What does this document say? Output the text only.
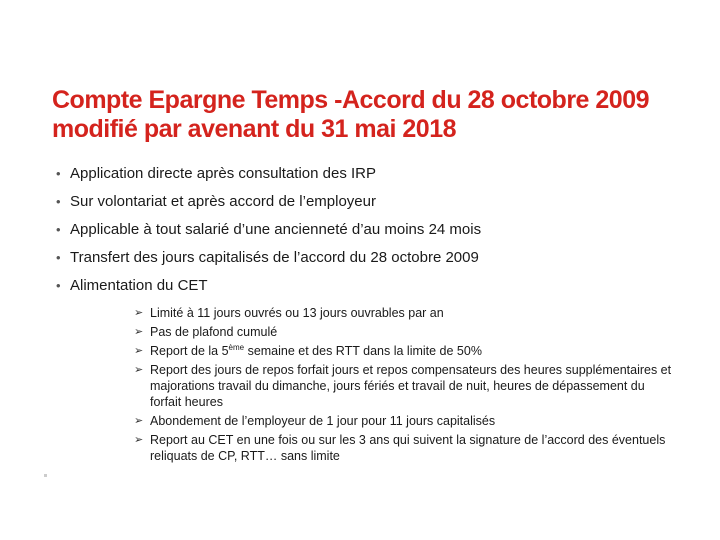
Compte Epargne Temps -Accord du 28 octobre 2009
modifié par avenant du 31 mai 2018
• Application directe après consultation des IRP
• Sur volontariat et après accord de l’employeur
• Applicable à tout salarié d’une ancienneté d’au moins 24 mois
• Transfert des jours capitalisés de l’accord du 28 octobre 2009
• Alimentation du CET
➢ Limité à 11 jours ouvrés ou 13 jours ouvrables par an
➢ Pas de plafond cumulé
➢ Report de la 5ème semaine et des RTT dans la limite de 50%
➢ Report des jours de repos forfait jours et repos compensateurs des heures supplémentaires et majorations travail du dimanche, jours fériés et travail de nuit, heures de dépassement du forfait heures
➢ Abondement de l’employeur de 1 jour pour 11 jours capitalisés
➢ Report au CET en une fois ou sur les 3 ans qui suivent la signature de l’accord des éventuels reliquats de CP, RTT… sans limite
